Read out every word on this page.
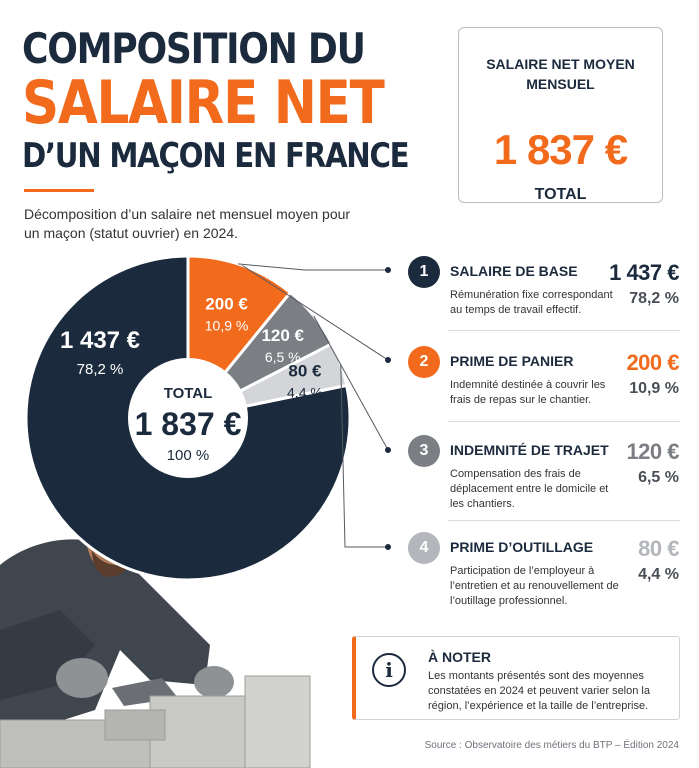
COMPOSITION DU
SALAIRE NET
D’UN MAÇON EN FRANCE
Décomposition d’un salaire net mensuel moyen pour un maçon (statut ouvrier) en 2024.
SALAIRE NET MOYEN MENSUEL
1 837 €
TOTAL
TOTAL
1 837 €
100 %
1 437 €
78,2 %
200 €
10,9 %
120 €
6,5 %
80 €
4,4 %
1	SALAIRE DE BASE
Rémunération fixe correspondant au temps de travail effectif.
1 437 €
78,2 %
2	PRIME DE PANIER
Indemnité destinée à couvrir les frais de repas sur le chantier.
200 €
10,9 %
3	INDEMNITÉ DE TRAJET
Compensation des frais de déplacement entre le domicile et les chantiers.
120 €
6,5 %
4	PRIME D’OUTILLAGE
Participation de l’employeur à l’entretien et au renouvellement de l’outillage professionnel.
80 €
4,4 %
i
À NOTER
Les montants présentés sont des moyennes constatées en 2024 et peuvent varier selon la région, l’expérience et la taille de l’entreprise.
Source : Observatoire des métiers du BTP – Édition 2024
